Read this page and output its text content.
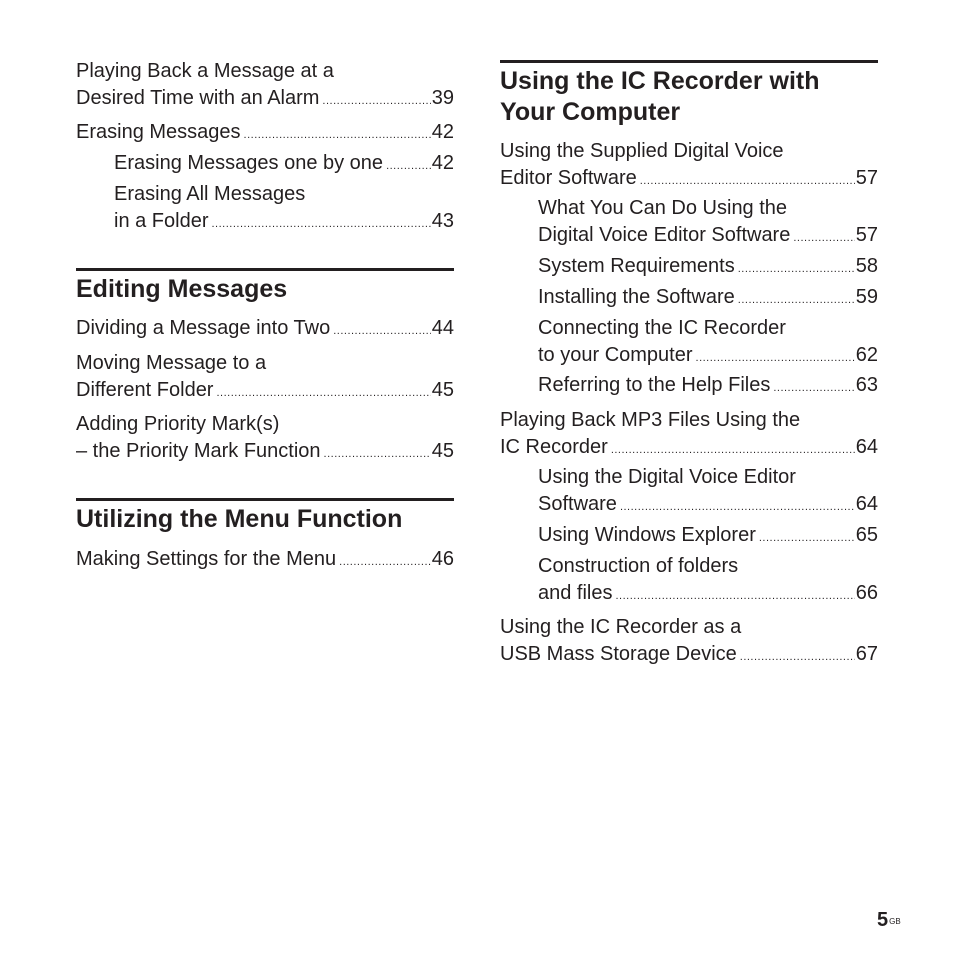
Playing Back a Message at a
Desired Time with an Alarm .....	39
Erasing Messages .....	42
Erasing Messages one by one ..... 42
Erasing All Messages
in a Folder .....	43
Editing Messages
Dividing a Message into Two .....	44
Moving Message to a
Different Folder .....	45
Adding Priority Mark(s)
– the Priority Mark Function .....	45
Utilizing the Menu Function
Making Settings for the Menu .....	46
Using the IC Recorder with
Your Computer
Using the Supplied Digital Voice
Editor Software .....	57
What You Can Do Using the
Digital Voice Editor Software .....	57
System Requirements .....	58
Installing the Software .....	59
Connecting the IC Recorder
to your Computer .....	62
Referring to the Help Files .....	63
Playing Back MP3 Files Using the
IC Recorder .....	64
Using the Digital Voice Editor
Software .....	64
Using Windows Explorer .....	65
Construction of folders
and files .....	66
Using the IC Recorder as a
USB Mass Storage Device .....	67
$5^{GB}$
